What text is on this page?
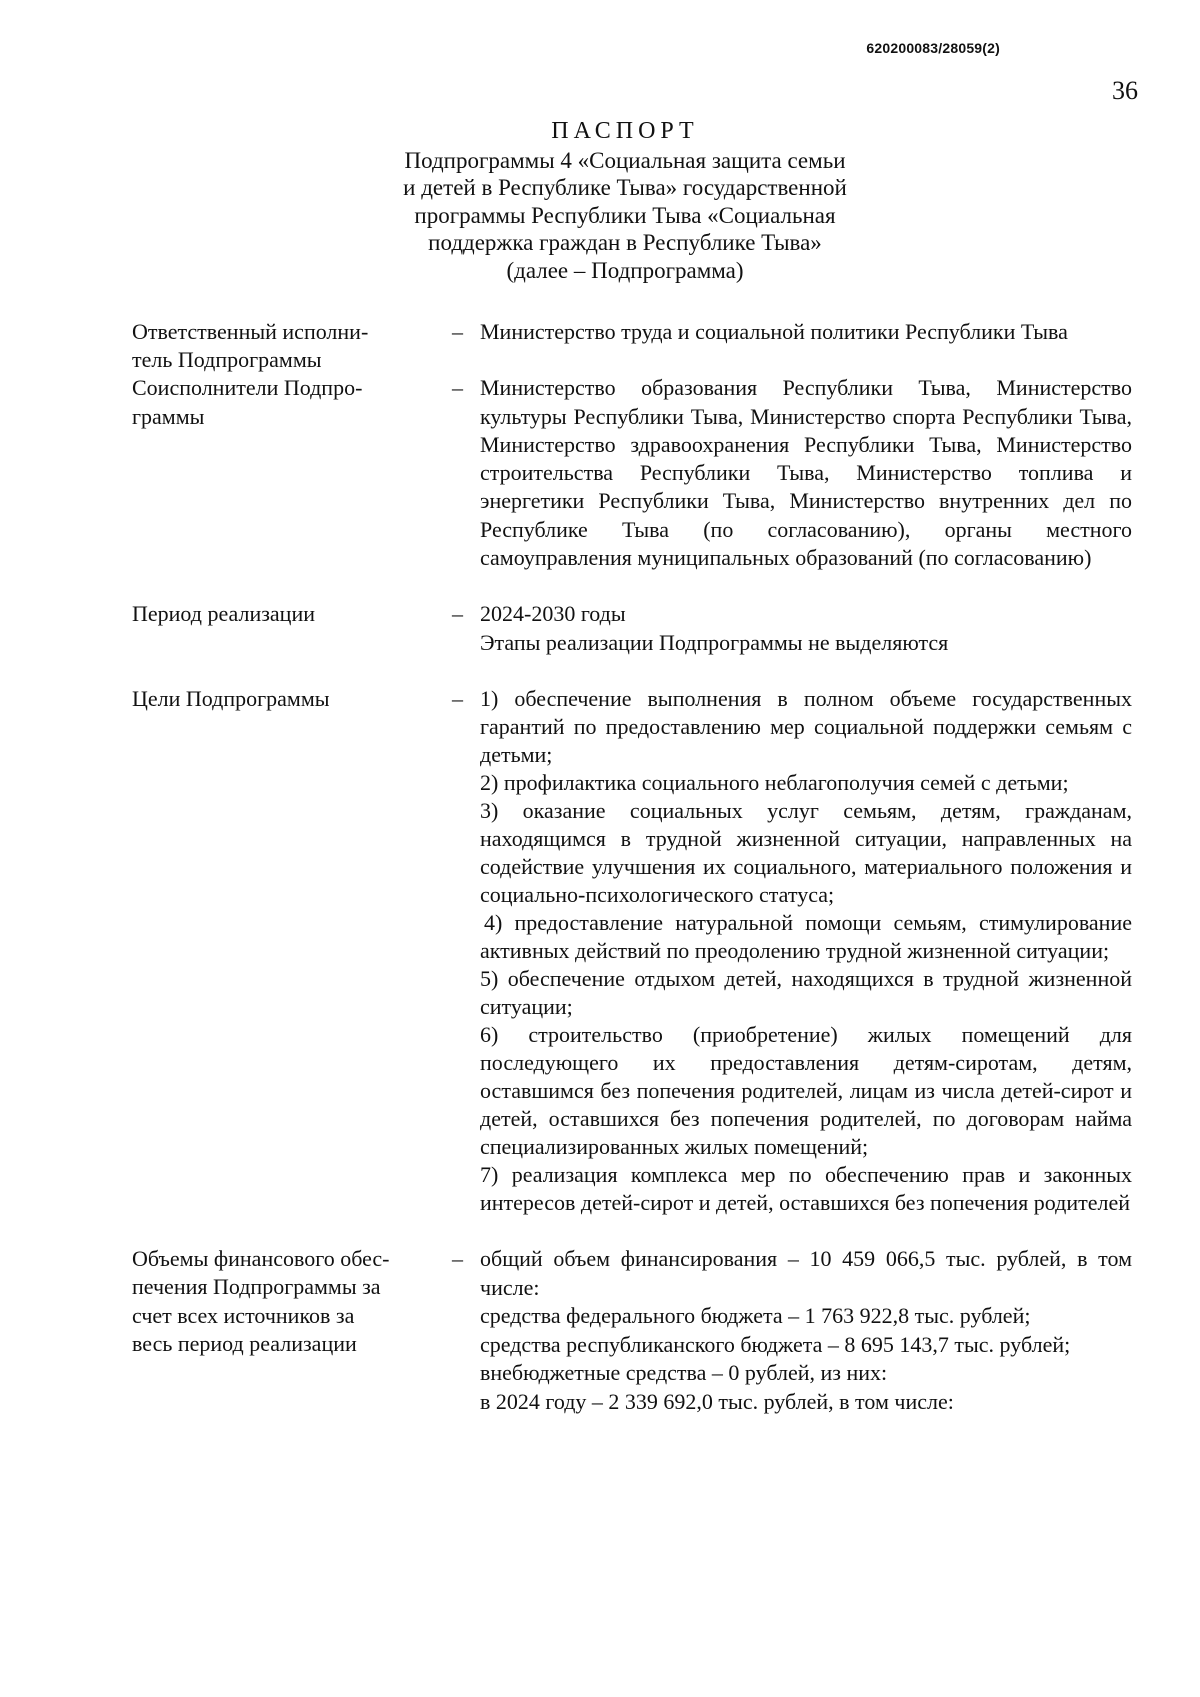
620200083/28059(2)
36
ПАСПОРТ
Подпрограммы 4 «Социальная защита семьи
и детей в Республике Тыва» государственной
программы Республики Тыва «Социальная
поддержка граждан в Республике Тыва»
(далее – Подпрограмма)
Ответственный исполни-
тель Подпрограммы
– Министерство труда и социальной политики Республики Тыва

Соисполнители Подпро-
граммы
– Министерство образования Республики Тыва, Министерство культуры Республики Тыва, Министерство спорта Республики Тыва, Министерство здравоохранения Республики Тыва, Министерство строительства Республики Тыва, Министерство топлива и энергетики Республики Тыва, Министерство внутренних дел по Республике Тыва (по согласованию), органы местного самоуправления муниципальных образований (по согласованию)

Период реализации	– 2024-2030 годы

Этапы реализации Подпрограммы не выделяются

Цели Подпрограммы	– 1) обеспечение выполнения в полном объеме государственных гарантий по предоставлению мер социальной поддержки семьям с детьми;

2) профилактика социального неблагополучия семей с детьми;

3) оказание социальных услуг семьям, детям, гражданам, находящимся в трудной жизненной ситуации, направленных на содействие улучшения их социального, материального положения и социально-психологического статуса;

4) предоставление натуральной помощи семьям, стимулирование активных действий по преодолению трудной жизненной ситуации;

5) обеспечение отдыхом детей, находящихся в трудной жизненной ситуации;

6) строительство (приобретение) жилых помещений для последующего их предоставления детям-сиротам, детям, оставшимся без попечения родителей, лицам из числа детей-сирот и детей, оставшихся без попечения родителей, по договорам найма специализированных жилых помещений;

7) реализация комплекса мер по обеспечению прав и законных интересов детей-сирот и детей, оставшихся без попечения родителей

Объемы финансового обес-
печения Подпрограммы за
счет всех источников за
весь период реализации
– общий объем финансирования – 10 459 066,5 тыс. рублей, в том числе:

средства федерального бюджета – 1 763 922,8 тыс. рублей;

средства республиканского бюджета – 8 695 143,7 тыс. рублей;

внебюджетные средства – 0 рублей, из них:

в 2024 году – 2 339 692,0 тыс. рублей, в том числе:
